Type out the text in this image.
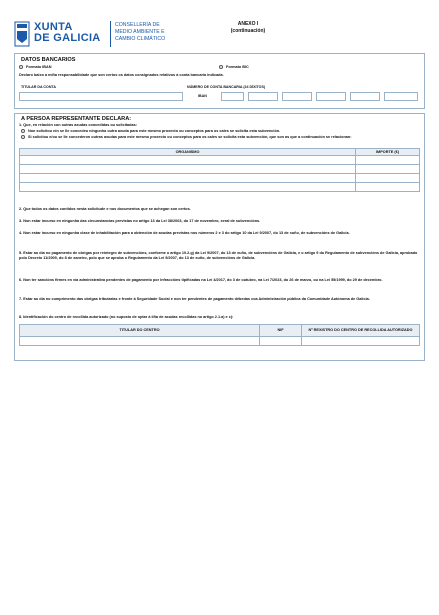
XUNTA
DE GALICIA
CONSELLERÍA DE
MEDIO AMBIENTE E
CAMBIO CLIMÁTICO
ANEXO I
(continuación)
DATOS BANCARIOS
Formato IBAN	Formato BIC
Declaro baixo a miña responsabilidade que son certos os datos consignados relativos á conta bancaria indicada.
TITULAR DA CONTA	NÚMERO DE CONTA BANCARIA (24 DÍXITOS)
IBAN
A PERSOA REPRESENTANTE DECLARA:
1. Que, en relación con outras axudas concedidas ou solicitadas:
Non solicitou nin se lle concedeu ningunha outra axuda para este mesmo proxecto ou conceptos para os cales se solicita esta subvención.
Si solicitou e/ou se lle concederon outras axudas para este mesmo proxecto ou conceptos para os cales se solicita esta subvención, que son as que a continuación se relacionan:
ORGANISMO	IMPORTE (€)

2. Que todos os datos contidos nesta solicitude e nos documentos que se achegan son certos.
3. Non estar incurso en ningunha das circunstancias previstas no artigo 13 da Lei 38/2003, do 17 de novembro, xeral de subvencións.
4. Non estar incurso en ningunha clase de inhabilitación para a obtención de axudas previstas nos números 2 e 3 do artigo 10 da Lei 9/2007, do 13 de xuño, de subvencións de Galicia.
5. Estar ao día no pagamento de obrigas por reintegro de subvencións, conforme o artigo 10.2.g) da Lei 9/2007, do 13 de xuño, de subvencións de Galicia, e o artigo 9 do Regulamento de subvencións de Galicia, aprobado polo Decreto 11/2009, do 8 de xaneiro, polo que se aproba o Regulamento da Lei 9/2007, do 13 de xuño, de subvencións de Galicia.
6. Non ter sancións firmes en vía administrativa pendentes de pagamento por infraccións tipificadas na Lei 4/2017, do 3 de outubro, na Lei 7/2023, do 26 de marzo, ou na Lei 55/1999, do 29 de decembro.
7. Estar ao día no cumprimento das obrigas tributarias e fronte á Seguridade Social e non ter pendentes de pagamento débedas coa Administración pública da Comunidade Autónoma de Galicia.
8. Identificación do centro de recollida autorizado (no suposto de optar á liña de axudas recollidas no artigo 2.1.a) e c):
TITULAR DO CENTRO	NIF	Nº REXISTRO DO CENTRO DE RECOLLIDA AUTORIZADO
